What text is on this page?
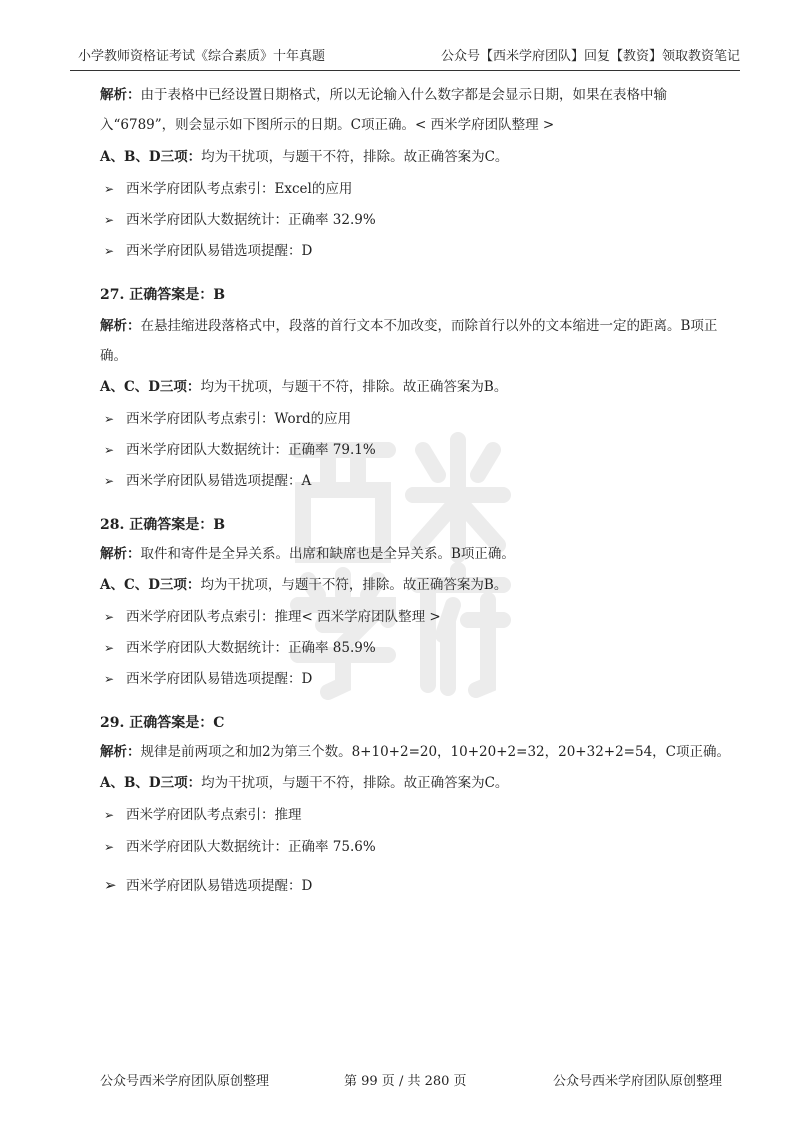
小学教师资格证考试《综合素质》十年真题	公众号【西米学府团队】回复【教资】领取教资笔记
解析：由于表格中已经设置日期格式，所以无论输入什么数字都是会显示日期，如果在表格中输入“6789”，则会显示如下图所示的日期。C项正确。< 西米学府团队整理 >
A、B、D三项：均为干扰项，与题干不符，排除。故正确答案为C。
➢ 西米学府团队考点索引：Excel的应用
➢ 西米学府团队大数据统计：正确率 32.9%
➢ 西米学府团队易错选项提醒：D
27. 正确答案是：B
解析：在悬挂缩进段落格式中，段落的首行文本不加改变，而除首行以外的文本缩进一定的距离。B项正确。
A、C、D三项：均为干扰项，与题干不符，排除。故正确答案为B。
➢ 西米学府团队考点索引：Word的应用
➢ 西米学府团队大数据统计：正确率 79.1%
➢ 西米学府团队易错选项提醒：A
28. 正确答案是：B
解析：取件和寄件是全异关系。出席和缺席也是全异关系。B项正确。
A、C、D三项：均为干扰项，与题干不符，排除。故正确答案为B。
➢ 西米学府团队考点索引：推理< 西米学府团队整理 >
➢ 西米学府团队大数据统计：正确率 85.9%
➢ 西米学府团队易错选项提醒：D
29. 正确答案是：C
解析：规律是前两项之和加2为第三个数。8+10+2=20，10+20+2=32，20+32+2=54，C项正确。
A、B、D三项：均为干扰项，与题干不符，排除。故正确答案为C。
➢ 西米学府团队考点索引：推理
➢ 西米学府团队大数据统计：正确率 75.6%
➢ 西米学府团队易错选项提醒：D
公众号西米学府团队原创整理	第 99 页 / 共 280 页	公众号西米学府团队原创整理
